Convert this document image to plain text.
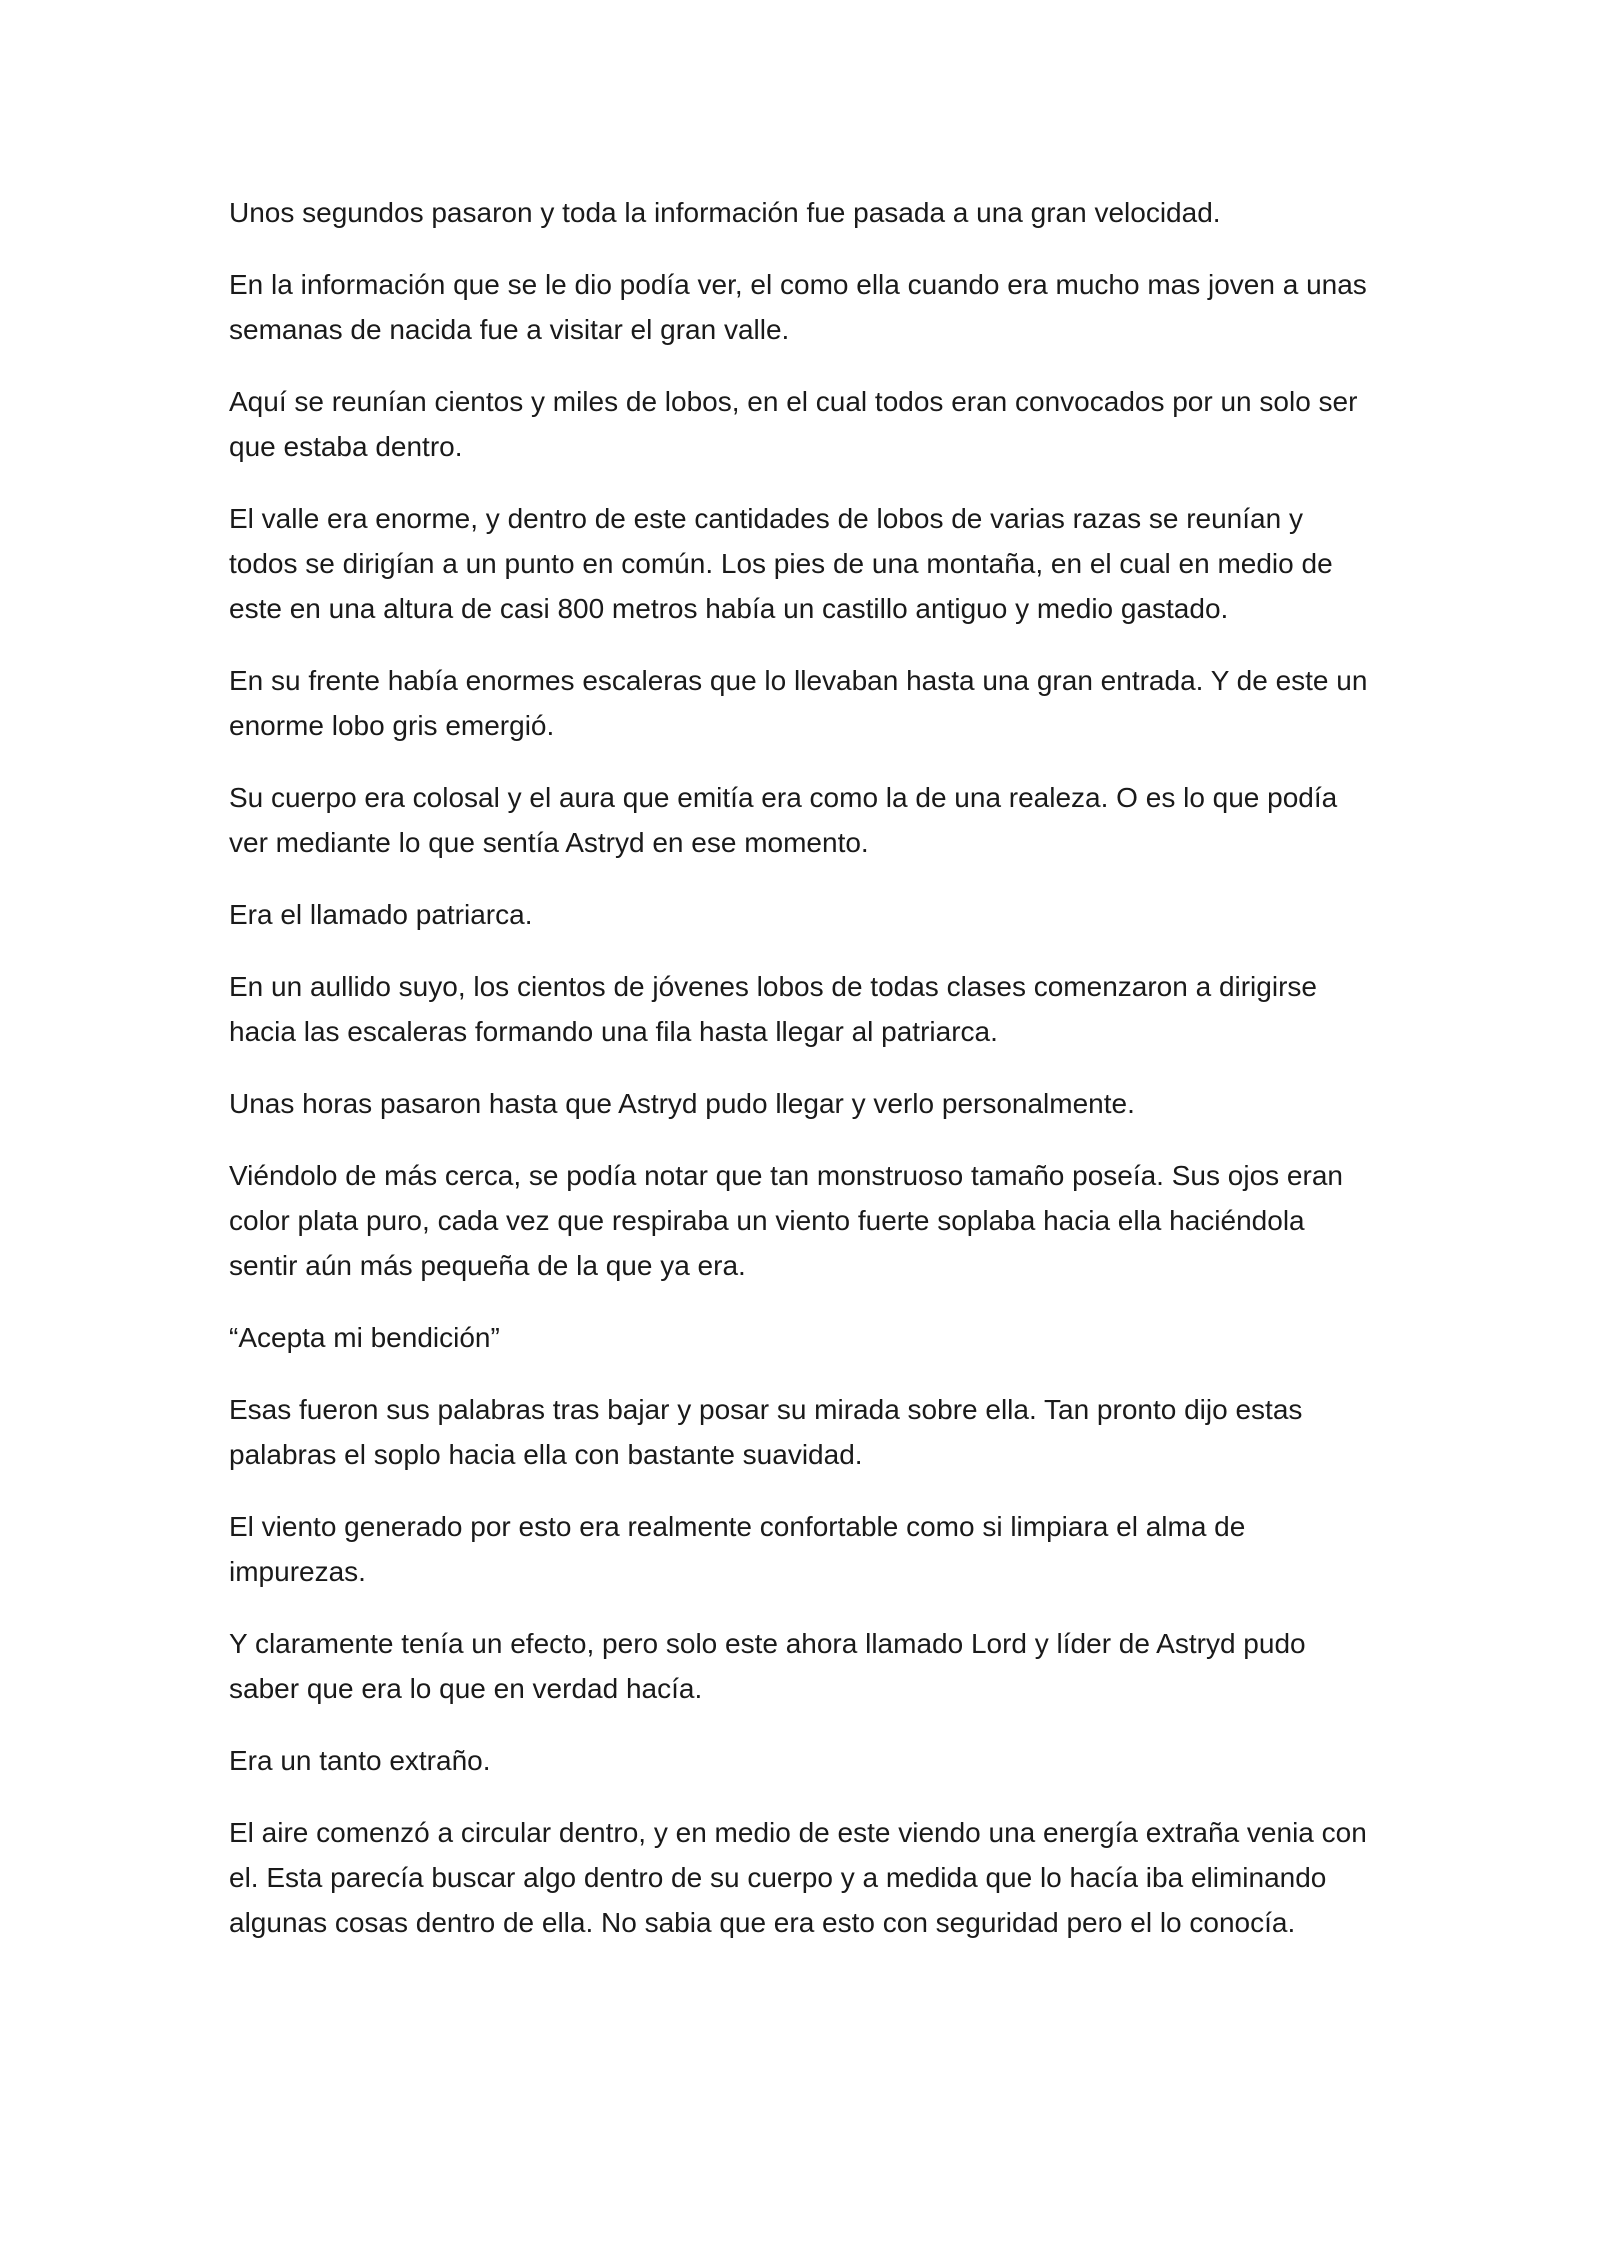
Unos segundos pasaron y toda la información fue pasada a una gran velocidad.

En la información que se le dio podía ver, el como ella cuando era mucho mas joven a unas semanas de nacida fue a visitar el gran valle.

Aquí se reunían cientos y miles de lobos, en el cual todos eran convocados por un solo ser que estaba dentro.

El valle era enorme, y dentro de este cantidades de lobos de varias razas se reunían y todos se dirigían a un punto en común. Los pies de una montaña, en el cual en medio de este en una altura de casi 800 metros había un castillo antiguo y medio gastado.

En su frente había enormes escaleras que lo llevaban hasta una gran entrada. Y de este un enorme lobo gris emergió.

Su cuerpo era colosal y el aura que emitía era como la de una realeza. O es lo que podía ver mediante lo que sentía Astryd en ese momento.

Era el llamado patriarca.

En un aullido suyo, los cientos de jóvenes lobos de todas clases comenzaron a dirigirse hacia las escaleras formando una fila hasta llegar al patriarca.

Unas horas pasaron hasta que Astryd pudo llegar y verlo personalmente.

Viéndolo de más cerca, se podía notar que tan monstruoso tamaño poseía. Sus ojos eran color plata puro, cada vez que respiraba un viento fuerte soplaba hacia ella haciéndola sentir aún más pequeña de la que ya era.

“Acepta mi bendición”

Esas fueron sus palabras tras bajar y posar su mirada sobre ella. Tan pronto dijo estas palabras el soplo hacia ella con bastante suavidad.

El viento generado por esto era realmente confortable como si limpiara el alma de impurezas.

Y claramente tenía un efecto, pero solo este ahora llamado Lord y líder de Astryd pudo saber que era lo que en verdad hacía.

Era un tanto extraño.

El aire comenzó a circular dentro, y en medio de este viendo una energía extraña venia con el. Esta parecía buscar algo dentro de su cuerpo y a medida que lo hacía iba eliminando algunas cosas dentro de ella. No sabia que era esto con seguridad pero el lo conocía.
